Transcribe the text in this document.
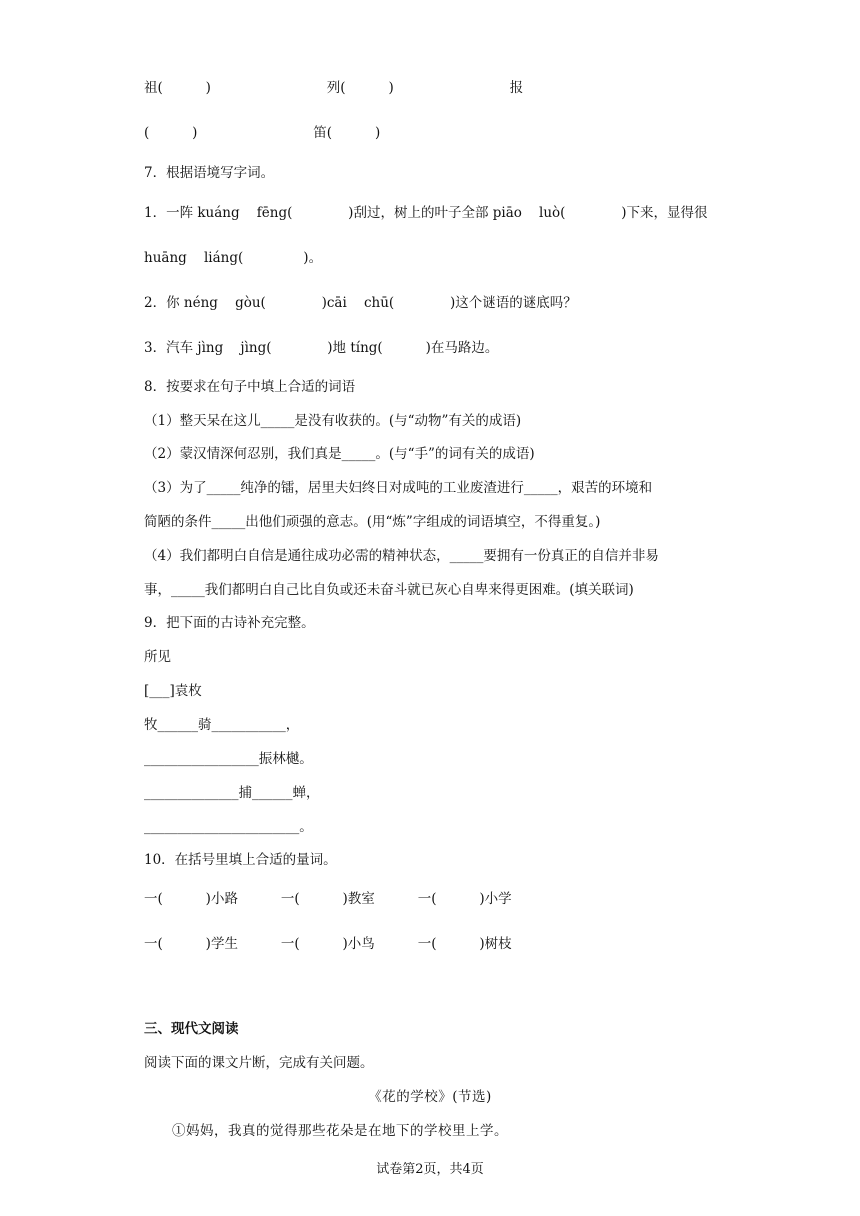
祖(          )                           列(          )                           报
(          )                           笛(          )
7．根据语境写字词。
1．一阵 kuáng    fēng(             )刮过，树上的叶子全部 piāo    luò(             )下来，显得很
huāng    liáng(              )。
2．你 néng    gòu(             )cāi    chū(             )这个谜语的谜底吗？
3．汽车 jìng    jìng(             )地 tíng(          )在马路边。
8．按要求在句子中填上合适的词语
（1）整天呆在这儿_____是没有收获的。(与“动物”有关的成语)
（2）蒙汉情深何忍别，我们真是_____。(与“手”的词有关的成语)
（3）为了_____纯净的镭，居里夫妇终日对成吨的工业废渣进行_____，艰苦的环境和
简陋的条件_____出他们顽强的意志。(用“炼”字组成的词语填空，不得重复。)
（4）我们都明白自信是通往成功必需的精神状态，_____要拥有一份真正的自信并非易
事，_____我们都明白自己比自负或还未奋斗就已灰心自卑来得更困难。(填关联词)
9．把下面的古诗补充完整。
所见
[___]袁枚
牧______骑___________，
_________________振林樾。
______________捕______蝉，
_______________________。
10．在括号里填上合适的量词。
一(          )小路          一(          )教室          一(          )小学
一(          )学生          一(          )小鸟          一(          )树枝
三、现代文阅读
阅读下面的课文片断，完成有关问题。
《花的学校》(节选)
①妈妈，我真的觉得那些花朵是在地下的学校里上学。
试卷第2页，共4页
